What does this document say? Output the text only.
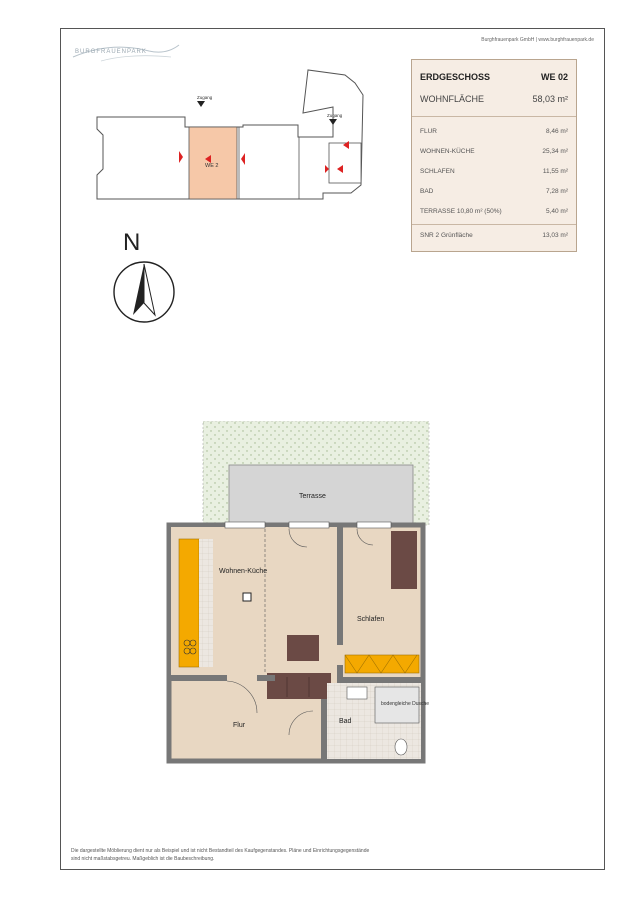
BURGFRAUENPARK
Burghfrauenpark GmbH | www.burghfrauenpark.de
WE 2
Zugang
Zugang
N
ERDGESCHOSS	WE 02
WOHNFLÄCHE	58,03 m²
FLUR	8,46 m²
WOHNEN-KÜCHE	25,34 m²
SCHLAFEN	11,55 m²
BAD	7,28 m²
TERRASSE 10,80 m² (50%)	5,40 m²
SNR 2 Grünfläche	13,03 m²
Terrasse
Wohnen-Küche
Schlafen
Flur
Bad
bodengleiche Dusche
Die dargestellte Möblierung dient nur als Beispiel und ist nicht Bestandteil des Kaufgegenstandes. Pläne und Einrichtungsgegenstände
sind nicht maßstabsgetreu. Maßgeblich ist die Baubeschreibung.
